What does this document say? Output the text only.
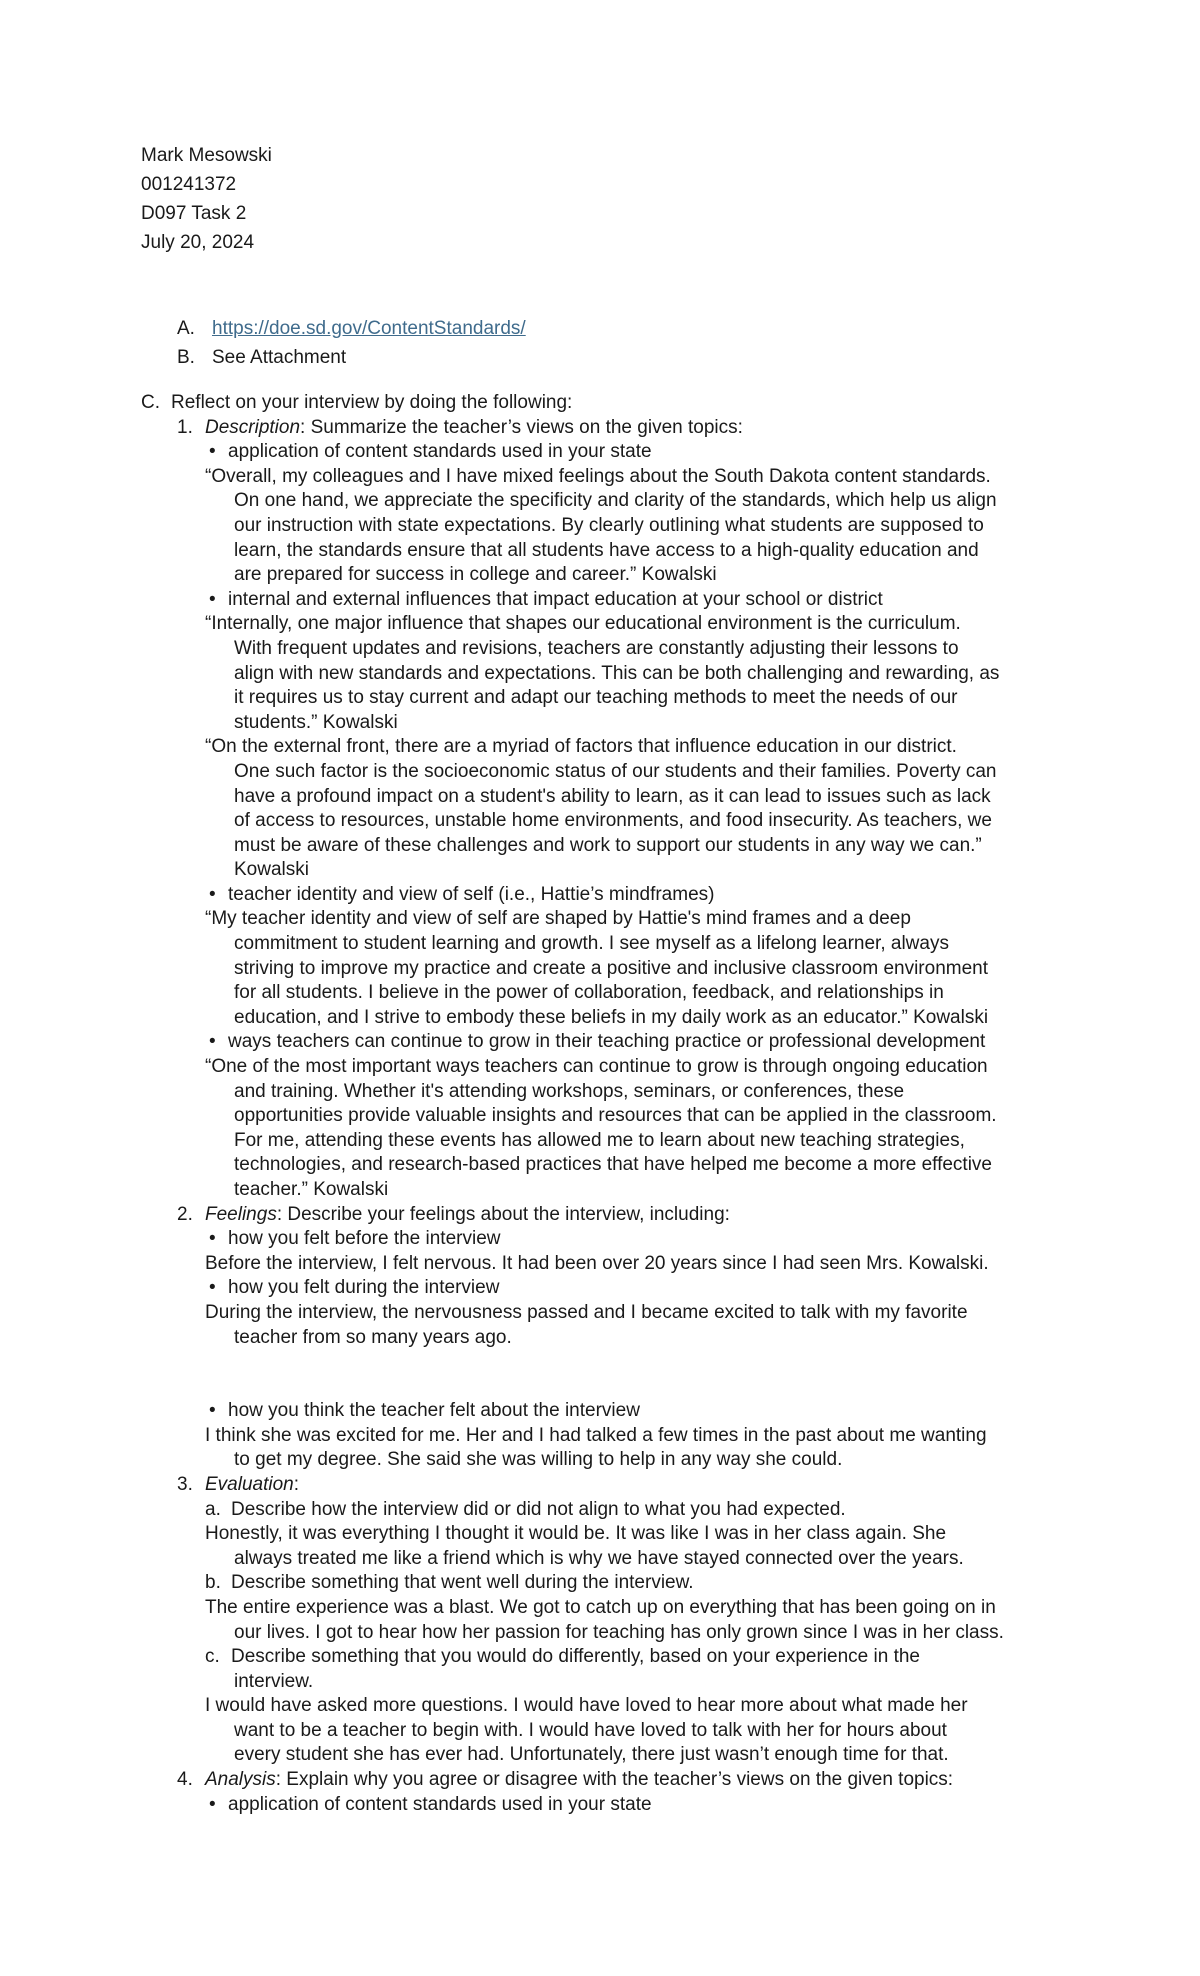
Mark Mesowski
001241372
D097 Task 2
July 20, 2024
A. https://doe.sd.gov/ContentStandards/
B. See Attachment
C. Reflect on your interview by doing the following:
1. Description: Summarize the teacher’s views on the given topics:
• application of content standards used in your state
“Overall, my colleagues and I have mixed feelings about the South Dakota content standards.
On one hand, we appreciate the specificity and clarity of the standards, which help us align
our instruction with state expectations. By clearly outlining what students are supposed to
learn, the standards ensure that all students have access to a high-quality education and
are prepared for success in college and career.” Kowalski
• internal and external influences that impact education at your school or district
“Internally, one major influence that shapes our educational environment is the curriculum.
With frequent updates and revisions, teachers are constantly adjusting their lessons to
align with new standards and expectations. This can be both challenging and rewarding, as
it requires us to stay current and adapt our teaching methods to meet the needs of our
students.” Kowalski
“On the external front, there are a myriad of factors that influence education in our district.
One such factor is the socioeconomic status of our students and their families. Poverty can
have a profound impact on a student's ability to learn, as it can lead to issues such as lack
of access to resources, unstable home environments, and food insecurity. As teachers, we
must be aware of these challenges and work to support our students in any way we can.”
Kowalski
• teacher identity and view of self (i.e., Hattie’s mindframes)
“My teacher identity and view of self are shaped by Hattie's mind frames and a deep
commitment to student learning and growth. I see myself as a lifelong learner, always
striving to improve my practice and create a positive and inclusive classroom environment
for all students. I believe in the power of collaboration, feedback, and relationships in
education, and I strive to embody these beliefs in my daily work as an educator.” Kowalski
• ways teachers can continue to grow in their teaching practice or professional development
“One of the most important ways teachers can continue to grow is through ongoing education
and training. Whether it's attending workshops, seminars, or conferences, these
opportunities provide valuable insights and resources that can be applied in the classroom.
For me, attending these events has allowed me to learn about new teaching strategies,
technologies, and research-based practices that have helped me become a more effective
teacher.” Kowalski
2. Feelings: Describe your feelings about the interview, including:
• how you felt before the interview
Before the interview, I felt nervous. It had been over 20 years since I had seen Mrs. Kowalski.
• how you felt during the interview
During the interview, the nervousness passed and I became excited to talk with my favorite
teacher from so many years ago.
• how you think the teacher felt about the interview
I think she was excited for me. Her and I had talked a few times in the past about me wanting
to get my degree. She said she was willing to help in any way she could.
3. Evaluation:
a. Describe how the interview did or did not align to what you had expected.
Honestly, it was everything I thought it would be. It was like I was in her class again. She
always treated me like a friend which is why we have stayed connected over the years.
b. Describe something that went well during the interview.
The entire experience was a blast. We got to catch up on everything that has been going on in
our lives. I got to hear how her passion for teaching has only grown since I was in her class.
c. Describe something that you would do differently, based on your experience in the
interview.
I would have asked more questions. I would have loved to hear more about what made her
want to be a teacher to begin with. I would have loved to talk with her for hours about
every student she has ever had. Unfortunately, there just wasn’t enough time for that.
4. Analysis: Explain why you agree or disagree with the teacher’s views on the given topics:
• application of content standards used in your state
